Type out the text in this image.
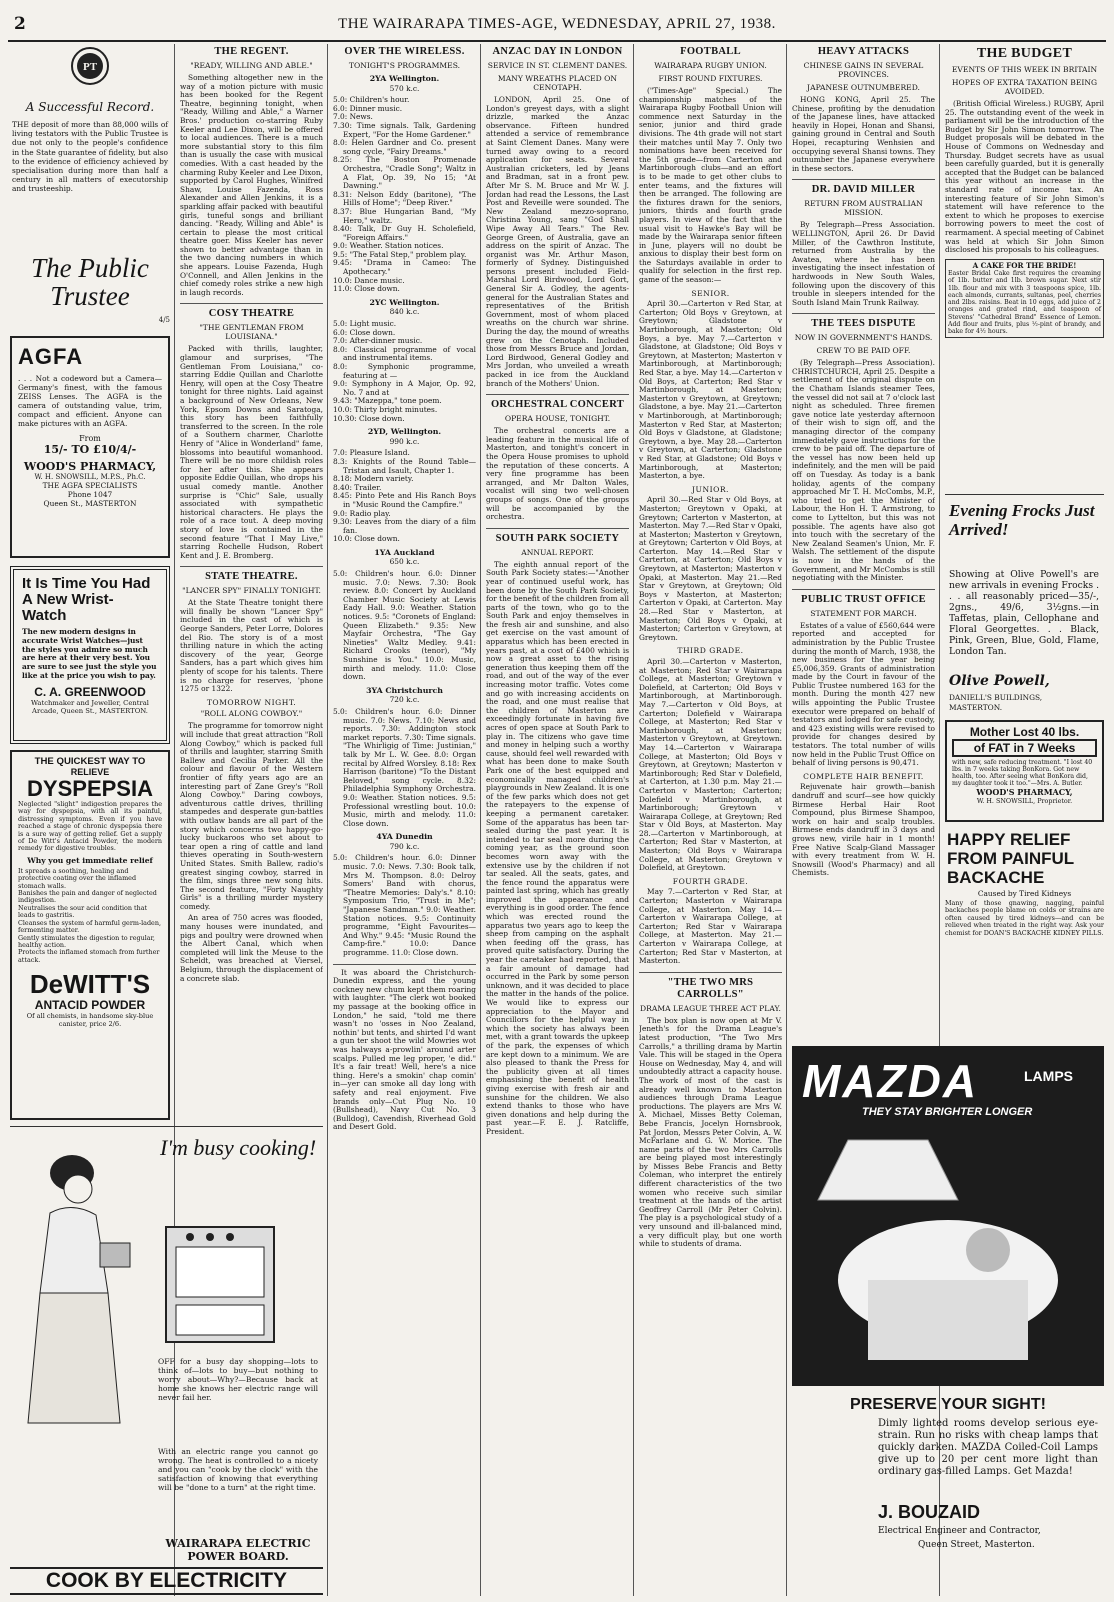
2	THE WAIRARAPA TIMES-AGE, WEDNESDAY, APRIL 27, 1938.
PT
A Successful Record.
THE deposit of more than 88,000 wills of living testators with the Public Trustee is due not only to the people's confidence in the State guarantee of fidelity, but also to the evidence of efficiency achieved by specialisation during more than half a century in all matters of executorship and trusteeship.
The Public Trustee
4/5
AGFA
. . . Not a codeword but a Camera—Germany's finest, with the famous ZEISS Lenses. The AGFA is the camera of outstanding value, trim, compact and efficient. Anyone can make pictures with an AGFA.
From
15/- TO £10/4/-
WOOD'S PHARMACY,
W. H. SNOWSILL, M.P.S., Ph.C.
THE AGFA SPECIALISTS
Phone 1047
Queen St., MASTERTON
It Is Time You Had A New Wrist-Watch
The new modern designs in accurate Wrist Watches—just the styles you admire so much are here at their very best. You are sure to see just the style you like at the price you wish to pay.
C. A. GREENWOOD
Watchmaker and Jeweller, Central Arcade, Queen St., MASTERTON.
THE QUICKEST WAY TO
RELIEVE
DYSPEPSIA
Neglected "slight" indigestion prepares the way for dyspepsia, with all its painful, distressing symptoms. Even if you have reached a stage of chronic dyspepsia there is a sure way of getting relief. Get a supply of De Witt's Antacid Powder, the modern remedy for digestive troubles.
Why you get immediate relief
It spreads a soothing, healing and protective coating over the inflamed stomach walls.
Banishes the pain and danger of neglected indigestion.
Neutralises the sour acid condition that leads to gastritis.
Cleanses the system of harmful germ-laden, fermenting matter.
Gently stimulates the digestion to regular, healthy action.
Protects the inflamed stomach from further attack.
DeWITT'S
ANTACID POWDER
Of all chemists, in handsome sky-blue canister, price 2/6.
THE REGENT.
"READY, WILLING AND ABLE."

Something altogether new in the way of a motion picture with music has been booked for the Regent Theatre, beginning tonight, when "Ready, Willing and Able," a Warner Bros.' production co-starring Ruby Keeler and Lee Dixon, will be offered to local audiences. There is a much more substantial story to this film than is usually the case with musical comedies. With a cast headed by the charming Ruby Keeler and Lee Dixon, supported by Carol Hughes, Winifred Shaw, Louise Fazenda, Ross Alexander and Allen Jenkins, it is a sparkling affair packed with beautiful girls, tuneful songs and brilliant dancing. "Ready, Willing and Able" is certain to please the most critical theatre goer. Miss Keeler has never shown to better advantage than in the two dancing numbers in which she appears. Louise Fazenda, Hugh O'Connell, and Allen Jenkins in the chief comedy roles strike a new high in laugh records.

COSY THEATRE
"THE GENTLEMAN FROM LOUISIANA."

Packed with thrills, laughter, glamour and surprises, "The Gentleman From Louisiana," co-starring Eddie Quillan and Charlotte Henry, will open at the Cosy Theatre tonight for three nights. Laid against a background of New Orleans, New York, Epsom Downs and Saratoga, this story has been faithfully transferred to the screen. In the role of a Southern charmer, Charlotte Henry of "Alice in Wonderland" fame, blossoms into beautiful womanhood. There will be no more childish roles for her after this. She appears opposite Eddie Quillan, who drops his usual comedy mantle. Another surprise is "Chic" Sale, usually associated with sympathetic historical characters. He plays the role of a race tout. A deep moving story of love is contained in the second feature "That I May Live," starring Rochelle Hudson, Robert Kent and J. E. Bromberg.

STATE THEATRE.
"LANCER SPY" FINALLY TONIGHT.

At the State Theatre tonight there will finally be shown "Lancer Spy" included in the cast of which is George Sanders, Peter Lorre, Dolores del Rio. The story is of a most thrilling nature in which the acting discovery of the year, George Sanders, has a part which gives him plenty of scope for his talents. There is no charge for reserves, 'phone 1275 or 1322.

TOMORROW NIGHT.
"ROLL ALONG COWBOY."

The programme for tomorrow night will include that great attraction "Roll Along Cowboy," which is packed full of thrills and laughter, starring Smith Ballew and Cecilia Parker. All the colour and flavour of the Western frontier of fifty years ago are an interesting part of Zane Grey's "Roll Along Cowboy." Daring cowboys, adventurous cattle drives, thrilling stampedes and desperate gun-battles with outlaw bands are all part of the story which concerns two happy-go-lucky buckaroos who set about to tear open a ring of cattle and land thieves operating in South-western United States. Smith Ballew, radio's greatest singing cowboy, starred in the film, sings three new song hits. The second feature, "Forty Naughty Girls" is a thrilling murder mystery comedy.

An area of 750 acres was flooded, many houses were inundated, and pigs and poultry were drowned when the Albert Canal, which when completed will link the Meuse to the Scheldt, was breached at Viersel, Belgium, through the displacement of a concrete slab.

I'm busy cooking!
OFF for a busy day shopping—lots to think of—lots to buy—but nothing to worry about—Why?—Because back at home she knows her electric range will never fail her.
With an electric range you cannot go wrong. The heat is controlled to a nicety and you can "cook by the clock" with the satisfaction of knowing that everything will be "done to a turn" at the right time.
WAIRARAPA ELECTRIC POWER BOARD.
COOK BY ELECTRICITY
OVER THE WIRELESS.
TONIGHT'S PROGRAMMES.
2YA Wellington.
570 k.c.

5.0: Children's hour.

6.0: Dinner music.

7.0: News.

7.30: Time signals. Talk, Gardening Expert, "For the Home Gardener."

8.0: Helen Gardner and Co. present song cycle, "Fairy Dreams."

8.25: The Boston Promenade Orchestra, "Cradle Song"; Waltz in A Flat, Op. 39, No 15; "At Dawning."

8.31: Nelson Eddy (baritone), "The Hills of Home"; "Deep River."

8.37: Blue Hungarian Band, "My Hero," waltz.

8.40: Talk, Dr Guy H. Scholefield, "Foreign Affairs."

9.0: Weather. Station notices.

9.5: "The Fatal Step," problem play.

9.45: "Drama in Cameo: The Apothecary."

10.0: Dance music.

11.0: Close down.

2YC Wellington.
840 k.c.

5.0: Light music.

6.0: Close down.

7.0: After-dinner music.

8.0: Classical programme of vocal and instrumental items.

8.0: Symphonic programme, featuring at —

9.0: Symphony in A Major, Op. 92, No. 7 and at

9.43: "Mazeppa," tone poem.

10.0: Thirty bright minutes.

10.30: Close down.

2YD, Wellington.
990 k.c.

7.0: Pleasure Island.

8.3: Knights of the Round Table—Tristan and Isault, Chapter 1.

8.18: Modern variety.

8.40: Trailer.

8.45: Pinto Pete and His Ranch Boys in "Music Round the Campfire."

9.0: Radio play.

9.30: Leaves from the diary of a film fan.

10.0: Close down.

1YA Auckland
650 k.c.

5.0: Children's hour. 6.0: Dinner music. 7.0: News. 7.30: Book review. 8.0: Concert by Auckland Chamber Music Society at Lewis Eady Hall. 9.0: Weather. Station notices. 9.5: "Coronets of England: Queen Elizabeth." 9.35: New Mayfair Orchestra, "The Gay Nineties" Waltz Medley. 9.41: Richard Crooks (tenor), "My Sunshine is You." 10.0: Music, mirth and melody. 11.0: Close down.

3YA Christchurch
720 k.c.

5.0: Children's hour. 6.0: Dinner music. 7.0: News. 7.10: News and reports. 7.30: Addington stock market reports. 7.30: Time signals. "The Whirligig of Time: Justinian," talk by Mr L. W. Gee. 8.0: Organ recital by Alfred Worsley. 8.18: Rex Harrison (baritone) "To the Distant Beloved," song cycle. 8.32: Philadelphia Symphony Orchestra. 9.0: Weather. Station notices. 9.5: Professional wrestling bout. 10.0: Music, mirth and melody. 11.0: Close down.

4YA Dunedin
790 k.c.

5.0: Children's hour. 6.0: Dinner music. 7.0: News. 7.30: Book talk, Mrs M. Thompson. 8.0: Delroy Somers' Band with chorus, "Theatre Memories: Daly's." 8.10: Symposium Trio, "Trust in Me"; "Japanese Sandman." 9.0: Weather. Station notices. 9.5: Continuity programme, "Eight Favourites—And Why." 9.45: "Music Round the Camp-fire." 10.0: Dance programme. 11.0: Close down.

It was aboard the Christchurch-Dunedin express, and the young cockney new chum kept them roaring with laughter. "The clerk wot booked my passage at the booking office in London," he said, "told me there wasn't no 'osses in Noo Zealand, nothin' but tents, and shirted I'd want a gun ter shoot the wild Mowries wot was halways a-prowlin' around arter scalps. Pulled me leg proper, 'e did." It's a fair treat! Well, here's a nice thing. Here's a smokin' chap comin' in—yer can smoke all day long with safety and real enjoyment. Five brands only—Cut Plug No. 10 (Bullshead), Navy Cut No. 3 (Bulldog), Cavendish, Riverhead Gold and Desert Gold.

ANZAC DAY IN LONDON
SERVICE IN ST. CLEMENT DANES.
MANY WREATHS PLACED ON CENOTAPH.

LONDON, April 25. One of London's greyest days, with a slight drizzle, marked the Anzac observance. Fifteen hundred attended a service of remembrance at Saint Clement Danes. Many were turned away owing to a record application for seats. Several Australian cricketers, led by Jeans and Bradman, sat in a front pew. After Mr S. M. Bruce and Mr W. J. Jordan had read the Lessons, the Last Post and Reveille were sounded. The New Zealand mezzo-soprano, Christina Young, sang "God Shall Wipe Away All Tears." The Rev. George Green, of Australia, gave an address on the spirit of Anzac. The organist was Mr. Arthur Mason, formerly of Sydney. Distinguished persons present included Field-Marshal Lord Birdwood, Lord Gort, General Sir A. Godley, the agents-general for the Australian States and representatives of the British Government, most of whom placed wreaths on the church war shrine. During the day, the mound of wreaths grew on the Cenotaph. Included those from Messrs Bruce and Jordan, Lord Birdwood, General Godley and Mrs Jordan, who unveiled a wreath packed in ice from the Auckland branch of the Mothers' Union.

ORCHESTRAL CONCERT
OPERA HOUSE, TONIGHT.

The orchestral concerts are a leading feature in the musical life of Masterton, and tonight's concert in the Opera House promises to uphold the reputation of these concerts. A very fine programme has been arranged, and Mr Dalton Wales, vocalist will sing two well-chosen groups of songs. One of the groups will be accompanied by the orchestra.

SOUTH PARK SOCIETY
ANNUAL REPORT.

The eighth annual report of the South Park Society states:—"Another year of continued useful work, has been done by the South Park Society, for the benefit of the children from all parts of the town, who go to the South Park and enjoy themselves in the fresh air and sunshine, and also get exercise on the vast amount of apparatus which has been erected in years past, at a cost of £400 which is now a great asset to the rising generation thus keeping them off the road, and out of the way of the ever increasing motor traffic. Votes come and go with increasing accidents on the road, and one must realise that the children of Masterton are exceedingly fortunate in having five acres of open space at South Park to play in. The citizens who gave time and money in helping such a worthy cause, should feel well rewarded with what has been done to make South Park one of the best equipped and economically managed children's playgrounds in New Zealand. It is one of the few parks which does not get the ratepayers to the expense of keeping a permanent caretaker. Some of the apparatus has been tar-sealed during the past year. It is intended to tar seal more during the coming year, as the ground soon becomes worn away with the extensive use by the children if not tar sealed. All the seats, gates, and the fence round the apparatus were painted last spring, which has greatly improved the appearance and everything is in good order. The fence which was erected round the apparatus two years ago to keep the sheep from camping on the asphalt when feeding off the grass, has proved quite satisfactory. During the year the caretaker had reported, that a fair amount of damage had occurred in the Park by some person unknown, and it was decided to place the matter in the hands of the police. We would like to express our appreciation to the Mayor and Councillors for the helpful way in which the society has always been met, with a grant towards the upkeep of the park, the expenses of which are kept down to a minimum. We are also pleased to thank the Press for the publicity given at all times emphasising the benefit of health giving exercise with fresh air and sunshine for the children. We also extend thanks to those who have given donations and help during the past year.—F. E. J. Ratcliffe, President.

FOOTBALL
WAIRARAPA RUGBY UNION.
FIRST ROUND FIXTURES.

("Times-Age" Special.) The championship matches of the Wairarapa Rugby Football Union will commence next Saturday in the senior, junior and third grade divisions. The 4th grade will not start their matches until May 7. Only two nominations have been received for the 5th grade—from Carterton and Martinborough clubs—and an effort is to be made to get other clubs to enter teams, and the fixtures will then be arranged. The following are the fixtures drawn for the seniors, juniors, thirds and fourth grade players. In view of the fact that the usual visit to Hawke's Bay will be made by the Wairarapa senior fifteen in June, players will no doubt be anxious to display their best form on the Saturdays available in order to qualify for selection in the first rep. game of the season:—

SENIOR.

April 30.—Carterton v Red Star, at Carterton; Old Boys v Greytown, at Greytown; Gladstone v Martinborough, at Masterton; Old Boys, a bye. May 7.—Carterton v Gladstone, at Gladstone; Old Boys v Greytown, at Masterton; Masterton v Martinborough, at Martinborough; Red Star, a bye. May 14.—Carterton v Old Boys, at Carterton; Red Star v Martinborough, at Masterton; Masterton v Greytown, at Greytown; Gladstone, a bye. May 21.—Carterton v Martinborough, at Martinborough; Masterton v Red Star, at Masterton; Old Boys v Gladstone, at Gladstone; Greytown, a bye. May 28.—Carterton v Greytown, at Carterton; Gladstone v Red Star, at Gladstone; Old Boys v Martinborough, at Masterton; Masterton, a bye.

JUNIOR.

April 30.—Red Star v Old Boys, at Masterton; Greytown v Opaki, at Greytown; Carterton v Masterton, at Masterton. May 7.—Red Star v Opaki, at Masterton; Masterton v Greytown, at Greytown; Carterton v Old Boys, at Carterton. May 14.—Red Star v Carterton, at Carterton; Old Boys v Greytown, at Masterton; Masterton v Opaki, at Masterton. May 21.—Red Star v Greytown, at Greytown; Old Boys v Masterton, at Masterton; Carterton v Opaki, at Carterton. May 28.—Red Star v Masterton, at Masterton; Old Boys v Opaki, at Masterton; Carterton v Greytown, at Greytown.

THIRD GRADE.

April 30.—Carterton v Masterton, at Masterton; Red Star v Wairarapa College, at Masterton; Greytown v Dolefield, at Carterton; Old Boys v Martinborough, at Martinborough. May 7.—Carterton v Old Boys, at Carterton; Dolefield v Wairarapa College, at Masterton; Red Star v Martinborough, at Masterton; Masterton v Greytown, at Greytown. May 14.—Carterton v Wairarapa College, at Masterton; Old Boys v Greytown, at Greytown; Masterton v Martinborough; Red Star v Dolefield, at Carterton, at 1.30 p.m. May 21.—Carterton v Masterton; Carterton; Dolefield v Martinborough, at Martinborough; Greytown v Wairarapa College, at Greytown; Red Star v Old Boys, at Masterton. May 28.—Carterton v Martinborough, at Carterton; Red Star v Masterton, at Masterton; Old Boys v Wairarapa College, at Masterton; Greytown v Dolefield, at Greytown.

FOURTH GRADE.

May 7.—Carterton v Red Star, at Carterton; Masterton v Wairarapa College, at Masterton. May 14.—Carterton v Wairarapa College, at Carterton; Red Star v Wairarapa College, at Masterton. May 21.—Carterton v Wairarapa College, at Carterton; Red Star v Masterton, at Masterton.

"THE TWO MRS CARROLLS"
DRAMA LEAGUE THREE ACT PLAY.

The box plan is now open at Mr V. Jeneth's for the Drama League's latest production, "The Two Mrs Carrolls," a thrilling drama by Martin Vale. This will be staged in the Opera House on Wednesday, May 4, and will undoubtedly attract a capacity house. The work of most of the cast is already well known to Masterton audiences through Drama League productions. The players are Mrs W. A. Michael, Misses Betty Coleman, Bebe Francis, Jocelyn Hornsbrook, Pat Jordon, Messrs Peter Colvin, A. W. McFarlane and G. W. Morice. The name parts of the two Mrs Carrolls are being played most interestingly by Misses Bebe Francis and Betty Coleman, who interpret the entirely different characteristics of the two women who receive such similar treatment at the hands of the artist Geoffrey Carroll (Mr Peter Colvin). The play is a psychological study of a very unsound and ill-balanced mind, a very difficult play, but one worth while to students of drama.

HEAVY ATTACKS
CHINESE GAINS IN SEVERAL PROVINCES.
JAPANESE OUTNUMBERED.

HONG KONG, April 25. The Chinese, profiting by the denudation of the Japanese lines, have attacked heavily in Hopei, Honan and Shansi, gaining ground in Central and South Hopei, recapturing Wenhsien and occupying several Shansi towns. They outnumber the Japanese everywhere in these sectors.

DR. DAVID MILLER
RETURN FROM AUSTRALIAN MISSION.

By Telegraph—Press Association. WELLINGTON, April 26. Dr David Miller, of the Cawthron Institute, returned from Australia by the Awatea, where he has been investigating the insect infestation of hardwoods in New South Wales, following upon the discovery of this trouble in sleepers intended for the South Island Main Trunk Railway.

THE TEES DISPUTE
NOW IN GOVERNMENT'S HANDS.
CREW TO BE PAID OFF.

(By Telegraph—Press Association). CHRISTCHURCH, April 25. Despite a settlement of the original dispute on the Chatham Islands steamer Tees, the vessel did not sail at 7 o'clock last night as scheduled. Three firemen gave notice late yesterday afternoon of their wish to sign off, and the managing director of the company immediately gave instructions for the crew to be paid off. The departure of the vessel has now been held up indefinitely, and the men will be paid off on Tuesday. As today is a bank holiday, agents of the company approached Mr T. H. McCombs, M.P., who tried to get the Minister of Labour, the Hon H. T. Armstrong, to come to Lyttelton, but this was not possible. The agents have also got into touch with the secretary of the New Zealand Seamen's Union, Mr. F. Walsh. The settlement of the dispute is now in the hands of the Government, and Mr McCombs is still negotiating with the Minister.

PUBLIC TRUST OFFICE
STATEMENT FOR MARCH.

Estates of a value of £560,644 were reported and accepted for administration by the Public Trustee during the month of March, 1938, the new business for the year being £5,006,359. Grants of administration made by the Court in favour of the Public Trustee numbered 163 for the month. During the month 427 new wills appointing the Public Trustee executor were prepared on behalf of testators and lodged for safe custody, and 423 existing wills were revised to provide for changes desired by testators. The total number of wills now held in the Public Trust Office on behalf of living persons is 90,471.

COMPLETE HAIR BENEFIT.

Rejuvenate hair growth—banish dandruff and scurf—see how quickly Birmese Herbal Hair Root Compound, plus Birmese Shampoo, work on hair and scalp troubles. Birmese ends dandruff in 3 days and grows new, virile hair in 1 month! Free Native Scalp-Gland Massager with every treatment from W. H. Snowsill (Wood's Pharmacy) and all Chemists.

THE BUDGET
EVENTS OF THIS WEEK IN BRITAIN
HOPES OF EXTRA TAXATION BEING AVOIDED.

(British Official Wireless.) RUGBY, April 25. The outstanding event of the week in parliament will be the introduction of the Budget by Sir John Simon tomorrow. The Budget proposals will be debated in the House of Commons on Wednesday and Thursday. Budget secrets have as usual been carefully guarded, but it is generally accepted that the Budget can be balanced this year without an increase in the standard rate of income tax. An interesting feature of Sir John Simon's statement will have reference to the extent to which he proposes to exercise borrowing powers to meet the cost of rearmament. A special meeting of Cabinet was held at which Sir John Simon disclosed his proposals to his colleagues.

A CAKE FOR THE BRIDE!
Easter Bridal Cake first requires the creaming of 1lb. butter and 1lb. brown sugar. Next stir 1lb. flour and mix with 3 teaspoons spice, 1lb. each almonds, currants, sultanas, peel, cherries and 2lbs. raisins. Beat in 10 eggs, add juice of 2 oranges and grated rind, and teaspoon of Stevens' "Cathedral Brand" Essence of Lemon. Add flour and fruits, plus ½-pint of brandy, and bake for 4½ hours.
Evening Frocks Just Arrived!
Showing at Olive Powell's are new arrivals in evening Frocks . . . all reasonably priced—35/-, 2gns., 49/6, 3½gns.—in Taffetas, plain, Cellophane and Floral Georgettes. . . Black, Pink, Green, Blue, Gold, Flame, London Tan.
Olive Powell,
DANIELL'S BUILDINGS,
MASTERTON.
Mother Lost 40 lbs.
of FAT in 7 Weeks
with new, safe reducing treatment. "I lost 40 lbs. in 7 weeks taking BonKora. Got new health, too. After seeing what BonKora did, my daughter took it too."—Mrs. A. Butler.
WOOD'S PHARMACY,
W. H. SNOWSILL, Proprietor.
HAPPY RELIEF FROM PAINFUL BACKACHE
Caused by Tired Kidneys
Many of those gnawing, nagging, painful backaches people blame on colds or strains are often caused by tired kidneys—and can be relieved when treated in the right way. Ask your chemist for DOAN'S BACKACHE KIDNEY PILLS.
MAZDA	LAMPS
THEY STAY BRIGHTER LONGER
PRESERVE YOUR SIGHT!
Dimly lighted rooms develop serious eye-strain. Run no risks with cheap lamps that quickly darken. MAZDA Coiled-Coil Lamps give up to 20 per cent more light than ordinary gas-filled Lamps. Get Mazda!
J. BOUZAID
Electrical Engineer and Contractor,
Queen Street, Masterton.
